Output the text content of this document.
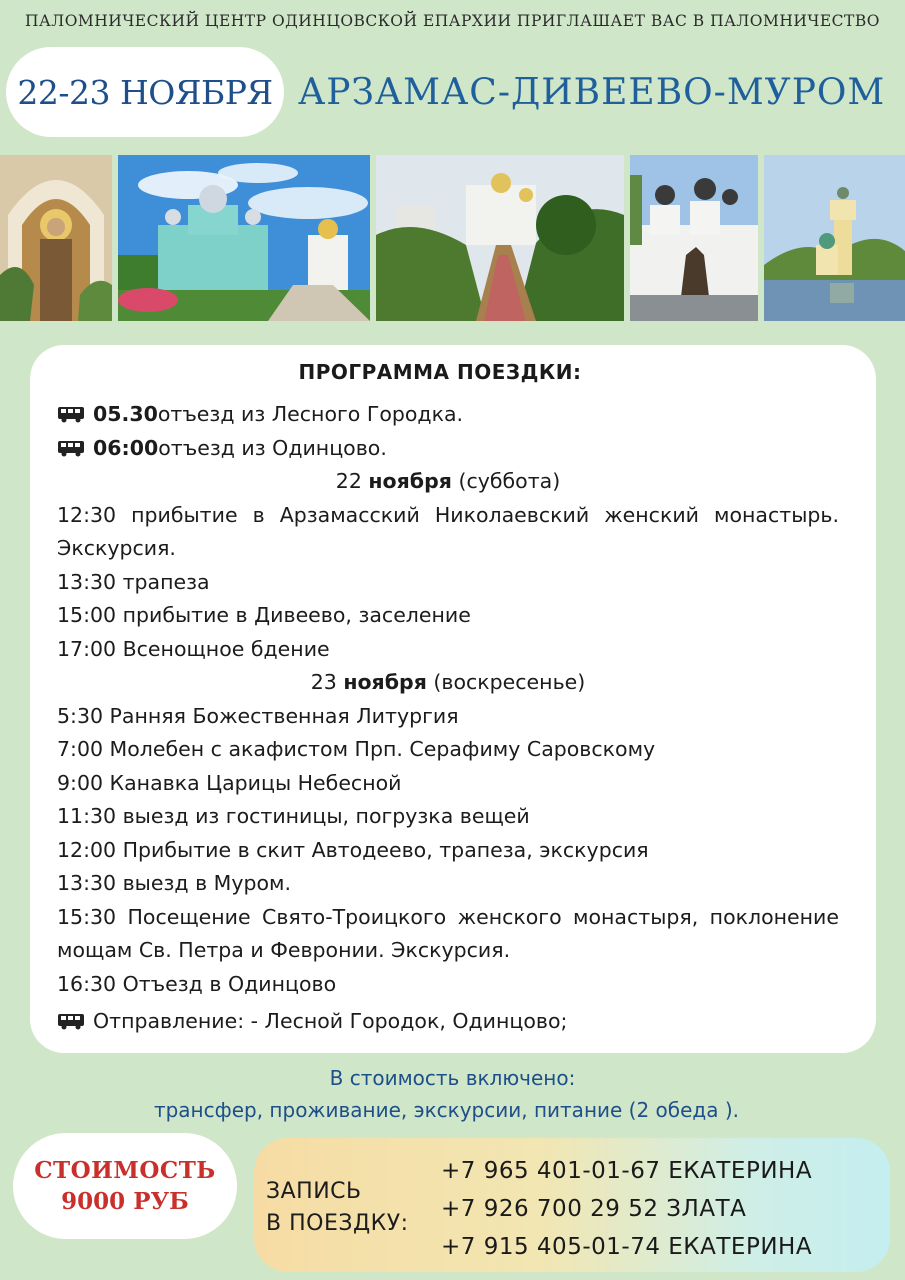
ПАЛОМНИЧЕСКИЙ ЦЕНТР ОДИНЦОВСКОЙ ЕПАРХИИ ПРИГЛАШАЕТ ВАС В ПАЛОМНИЧЕСТВО
22-23 НОЯБРЯ АРЗАМАС-ДИВЕЕВО-МУРОМ
ПРОГРАММА ПОЕЗДКИ:
05.30 отъезд из Лесного Городка.
06:00 отъезд из Одинцово.
22 ноября (суббота)
12:30 прибытие в Арзамасский Николаевский женский монастырь. Экскурсия.
13:30 трапеза
15:00 прибытие в Дивеево, заселение
17:00 Всенощное бдение
23 ноября (воскресенье)
5:30 Ранняя Божественная Литургия
7:00 Молебен с акафистом Прп. Серафиму Саровскому
9:00 Канавка Царицы Небесной
11:30 выезд из гостиницы, погрузка вещей
12:00 Прибытие в скит Автодеево, трапеза, экскурсия
13:30 выезд в Муром.
15:30 Посещение Свято-Троицкого женского монастыря, поклонение мощам Св. Петра и Февронии. Экскурсия.
16:30 Отъезд в Одинцово
Отправление : - Лесной Городок, Одинцово;
В стоимость включено:
трансфер, проживание, экскурсии, питание (2 обеда ).
СТОИМОСТЬ
9000 РУБ	ЗАПИСЬ
В ПОЕЗДКУ:
+7 965 401-01-67 ЕКАТЕРИНА
+7 926 700 29 52 ЗЛАТА
+7 915 405-01-74 ЕКАТЕРИНА
